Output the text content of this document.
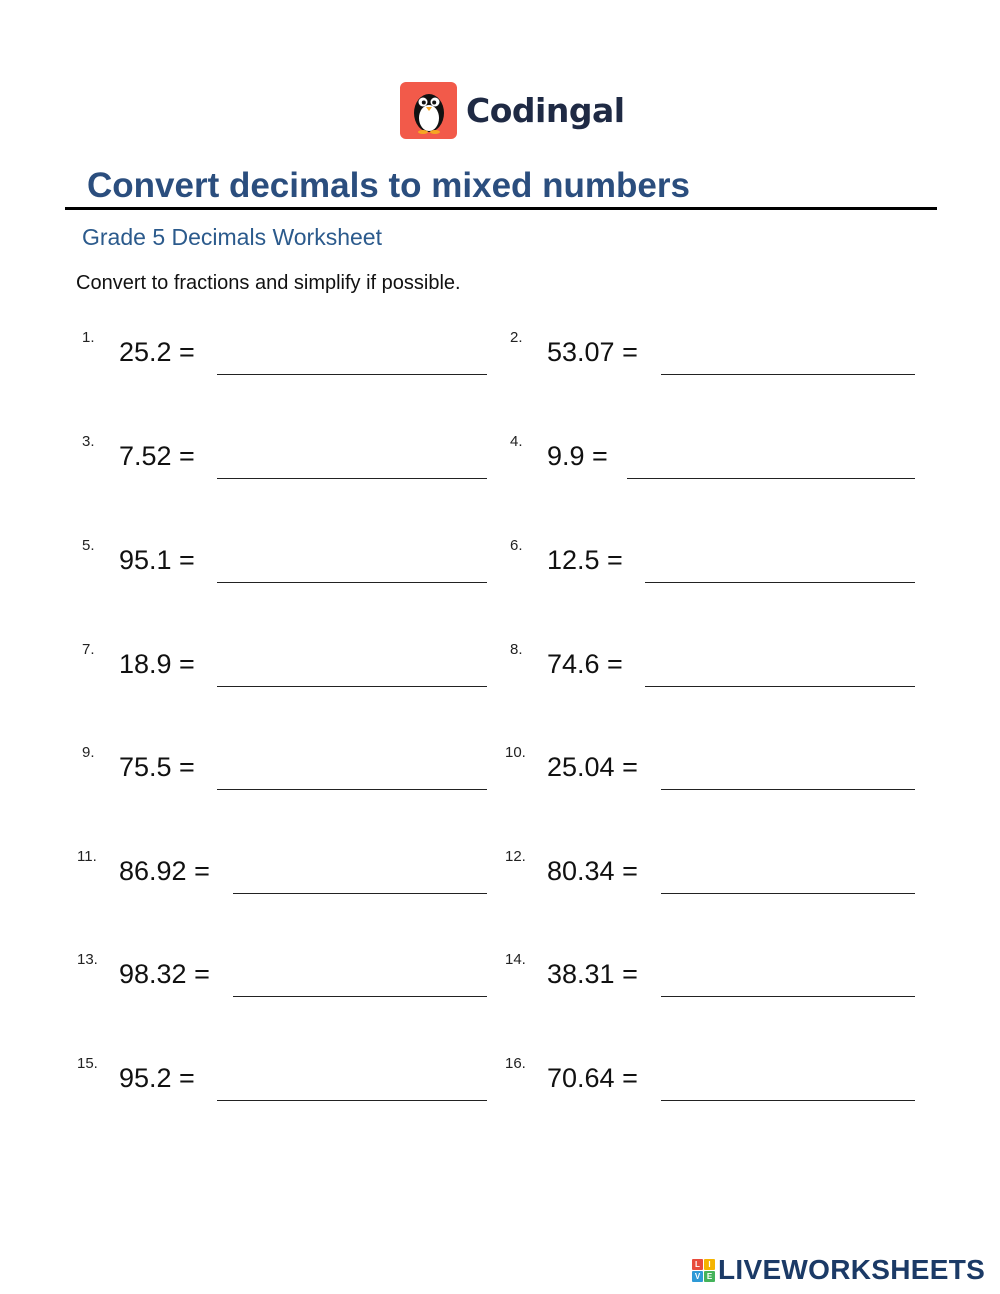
Codingal
Convert decimals to mixed numbers
Grade 5 Decimals Worksheet
Convert to fractions and simplify if possible.
1. 25.2 =	2. 53.07 =
3. 7.52 =	4. 9.9 =
5. 95.1 =	6. 12.5 =
7. 18.9 =	8. 74.6 =
9. 75.5 =	10. 25.04 =
11. 86.92 =	12. 80.34 =
13. 98.32 =	14. 38.31 =
15. 95.2 =	16. 70.64 =
L	I
V E LIVEWORKSHEETS
